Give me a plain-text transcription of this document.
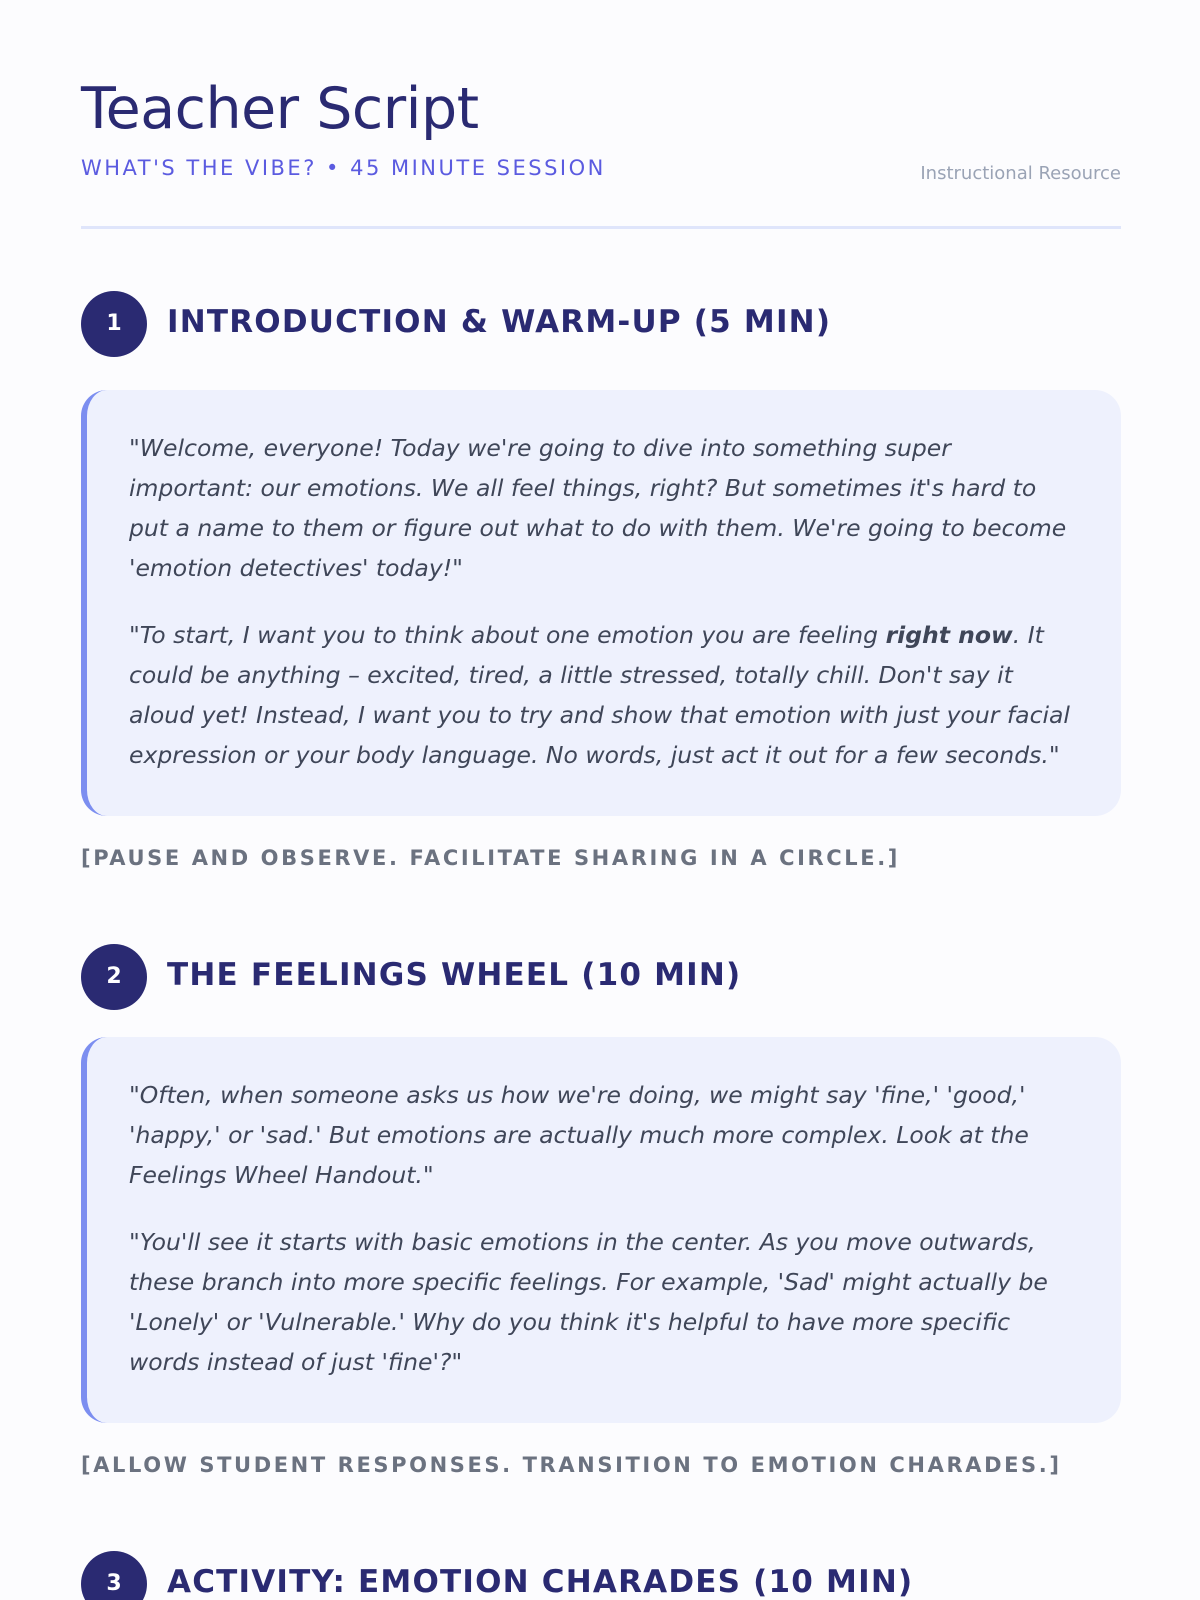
Teacher Script
WHAT'S THE VIBE? • 45 MINUTE SESSION	Instructional Resource
1	INTRODUCTION & WARM-UP (5 MIN)

"Welcome, everyone! Today we're going to dive into something super important: our emotions. We all feel things, right? But sometimes it's hard to put a name to them or figure out what to do with them. We're going to become 'emotion detectives' today!"

"To start, I want you to think about one emotion you are feeling right now. It could be anything – excited, tired, a little stressed, totally chill. Don't say it aloud yet! Instead, I want you to try and show that emotion with just your facial expression or your body language. No words, just act it out for a few seconds."

[PAUSE AND OBSERVE. FACILITATE SHARING IN A CIRCLE.]
2	THE FEELINGS WHEEL (10 MIN)

"Often, when someone asks us how we're doing, we might say 'fine,' 'good,' 'happy,' or 'sad.' But emotions are actually much more complex. Look at the Feelings Wheel Handout."

"You'll see it starts with basic emotions in the center. As you move outwards, these branch into more specific feelings. For example, 'Sad' might actually be 'Lonely' or 'Vulnerable.' Why do you think it's helpful to have more specific words instead of just 'fine'?"

[ALLOW STUDENT RESPONSES. TRANSITION TO EMOTION CHARADES.]
3	ACTIVITY: EMOTION CHARADES (10 MIN)
